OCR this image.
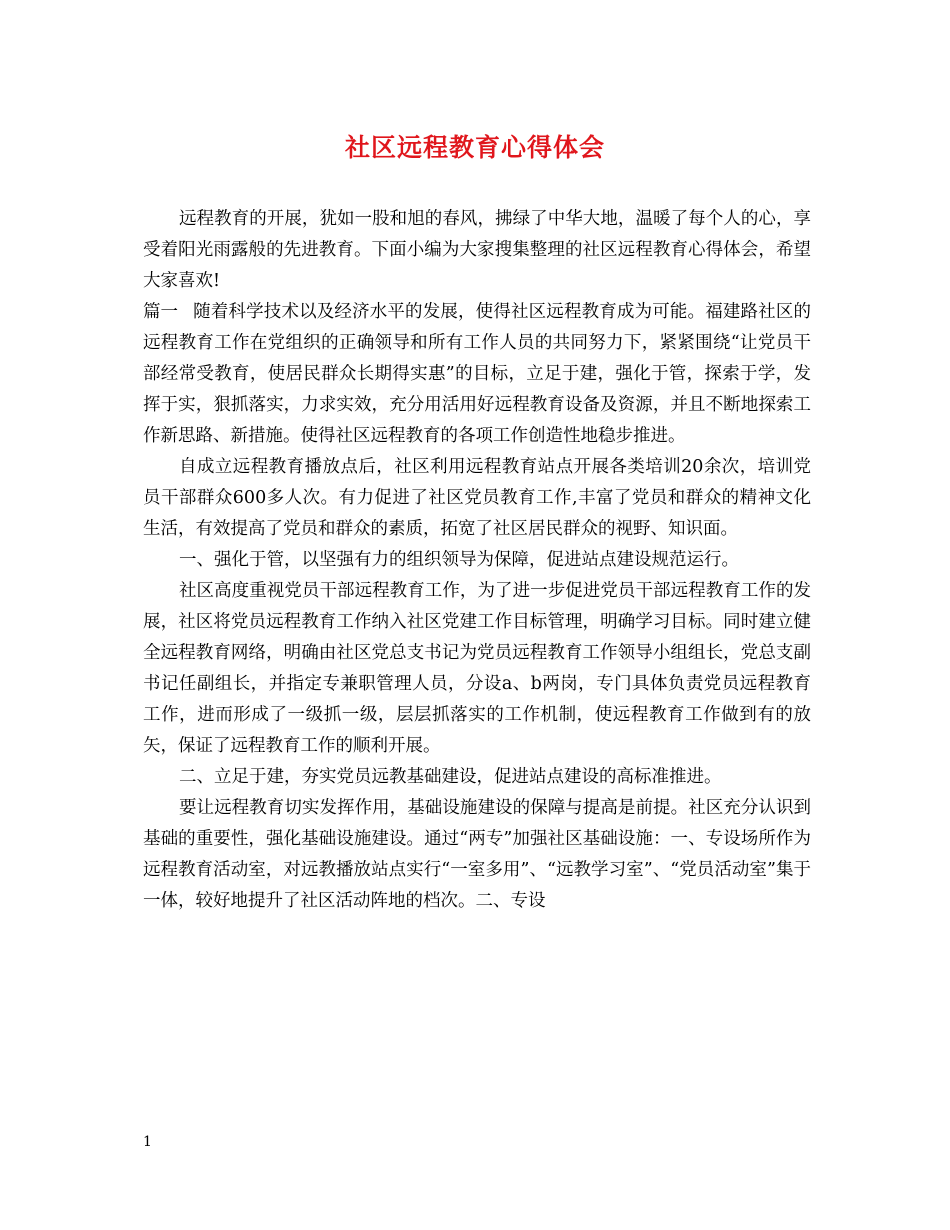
社区远程教育心得体会

远程教育的开展，犹如一股和旭的春风，拂绿了中华大地，温暖了每个人的心，享受着阳光雨露般的先进教育。下面小编为大家搜集整理的社区远程教育心得体会，希望大家喜欢!

篇一 随着科学技术以及经济水平的发展，使得社区远程教育成为可能。福建路社区的远程教育工作在党组织的正确领导和所有工作人员的共同努力下，紧紧围绕“让党员干部经常受教育，使居民群众长期得实惠”的目标，立足于建，强化于管，探索于学，发挥于实，狠抓落实，力求实效，充分用活用好远程教育设备及资源，并且不断地探索工作新思路、新措施。使得社区远程教育的各项工作创造性地稳步推进。

自成立远程教育播放点后，社区利用远程教育站点开展各类培训20余次，培训党员干部群众600多人次。有力促进了社区党员教育工作,丰富了党员和群众的精神文化生活，有效提高了党员和群众的素质，拓宽了社区居民群众的视野、知识面。

一、强化于管，以坚强有力的组织领导为保障，促进站点建设规范运行。

社区高度重视党员干部远程教育工作，为了进一步促进党员干部远程教育工作的发展，社区将党员远程教育工作纳入社区党建工作目标管理，明确学习目标。同时建立健全远程教育网络，明确由社区党总支书记为党员远程教育工作领导小组组长，党总支副书记任副组长，并指定专兼职管理人员，分设a、b两岗，专门具体负责党员远程教育工作，进而形成了一级抓一级，层层抓落实的工作机制，使远程教育工作做到有的放矢，保证了远程教育工作的顺利开展。

二、立足于建，夯实党员远教基础建设，促进站点建设的高标准推进。

要让远程教育切实发挥作用，基础设施建设的保障与提高是前提。社区充分认识到基础的重要性，强化基础设施建设。通过“两专”加强社区基础设施：一、专设场所作为远程教育活动室，对远教播放站点实行“一室多用”、“远教学习室”、“党员活动室”集于一体，较好地提升了社区活动阵地的档次。二、专设

1
